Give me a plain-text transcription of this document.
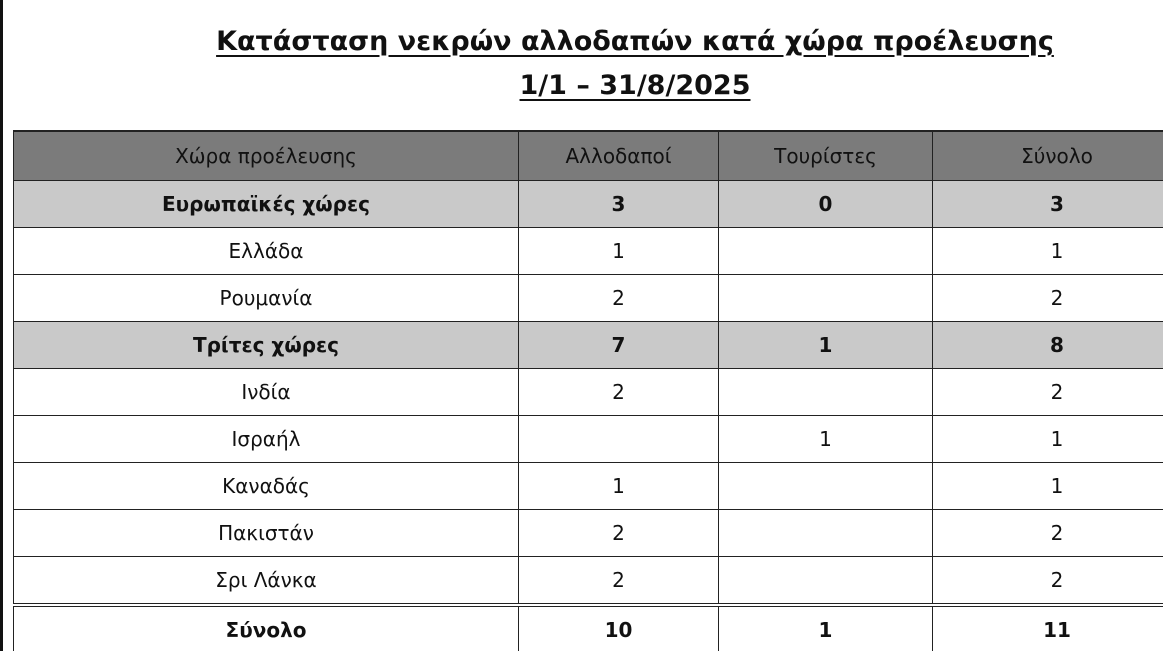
Κατάσταση νεκρών αλλοδαπών κατά χώρα προέλευσης
1/1 – 31/8/2025
Χώρα προέλευσης	Αλλοδαποί	Τουρίστες	Σύνολο
Ευρωπαϊκές χώρες	3	0	3
Ελλάδα	1		1
Ρουμανία	2		2
Τρίτες χώρες	7	1	8
Ινδία	2		2
Ισραήλ		1	1
Καναδάς	1		1
Πακιστάν	2		2
Σρι Λάνκα	2		2
Σύνολο	10	1	11
